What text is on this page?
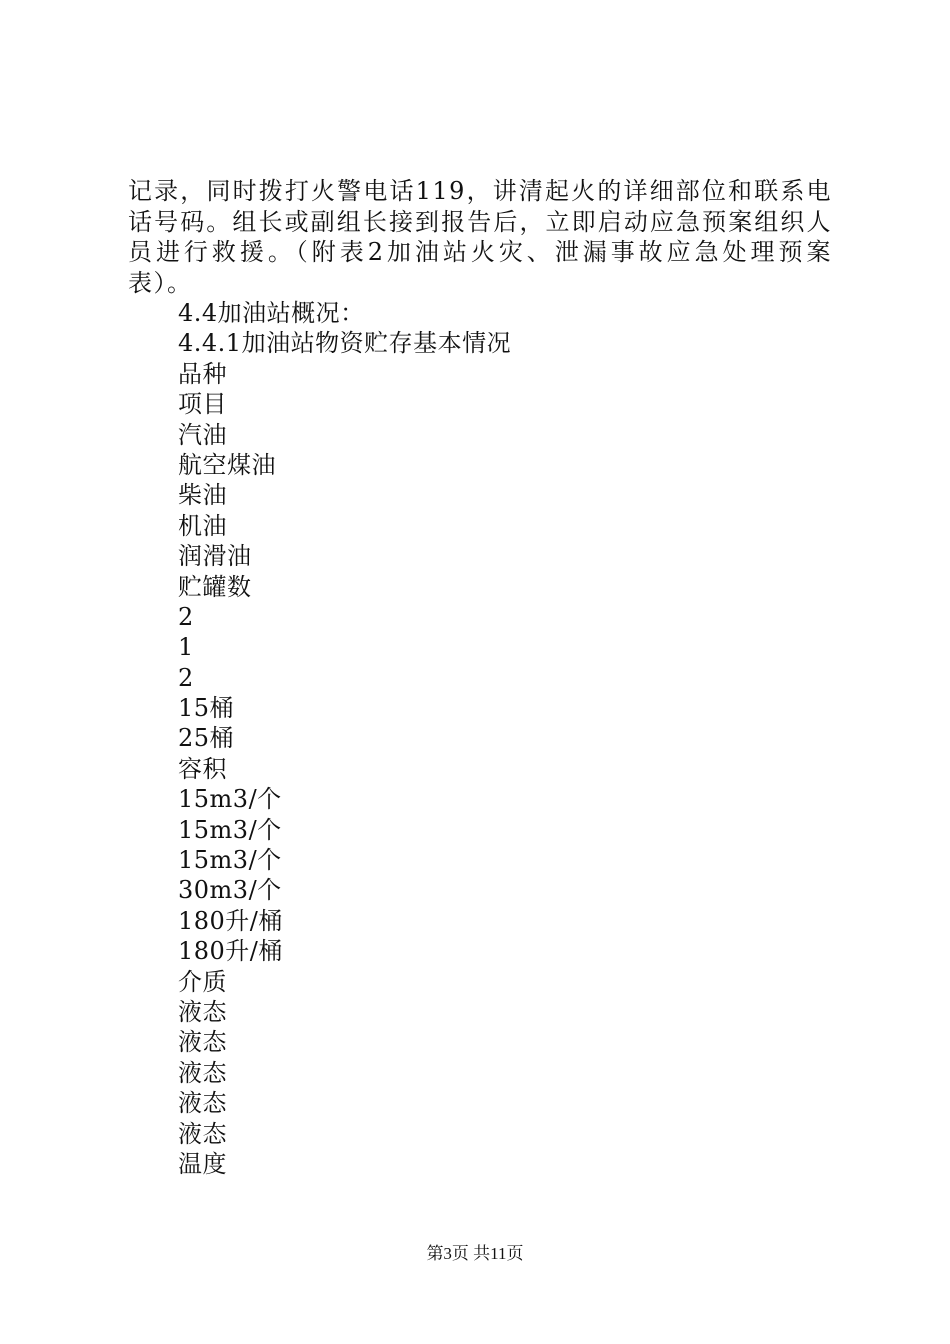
记录，同时拨打火警电话119，讲清起火的详细部位和联系电话号码。组长或副组长接到报告后，立即启动应急预案组织人员进行救援。（附表2加油站火灾、泄漏事故应急处理预案表）。

4.4加油站概况：
4.4.1加油站物资贮存基本情况
品种
项目
汽油
航空煤油
柴油
机油
润滑油
贮罐数
2
1
2
15桶
25桶
容积
15m3/个
15m3/个
15m3/个
30m3/个
180升/桶
180升/桶
介质
液态
液态
液态
液态
液态
温度
第3页 共11页
